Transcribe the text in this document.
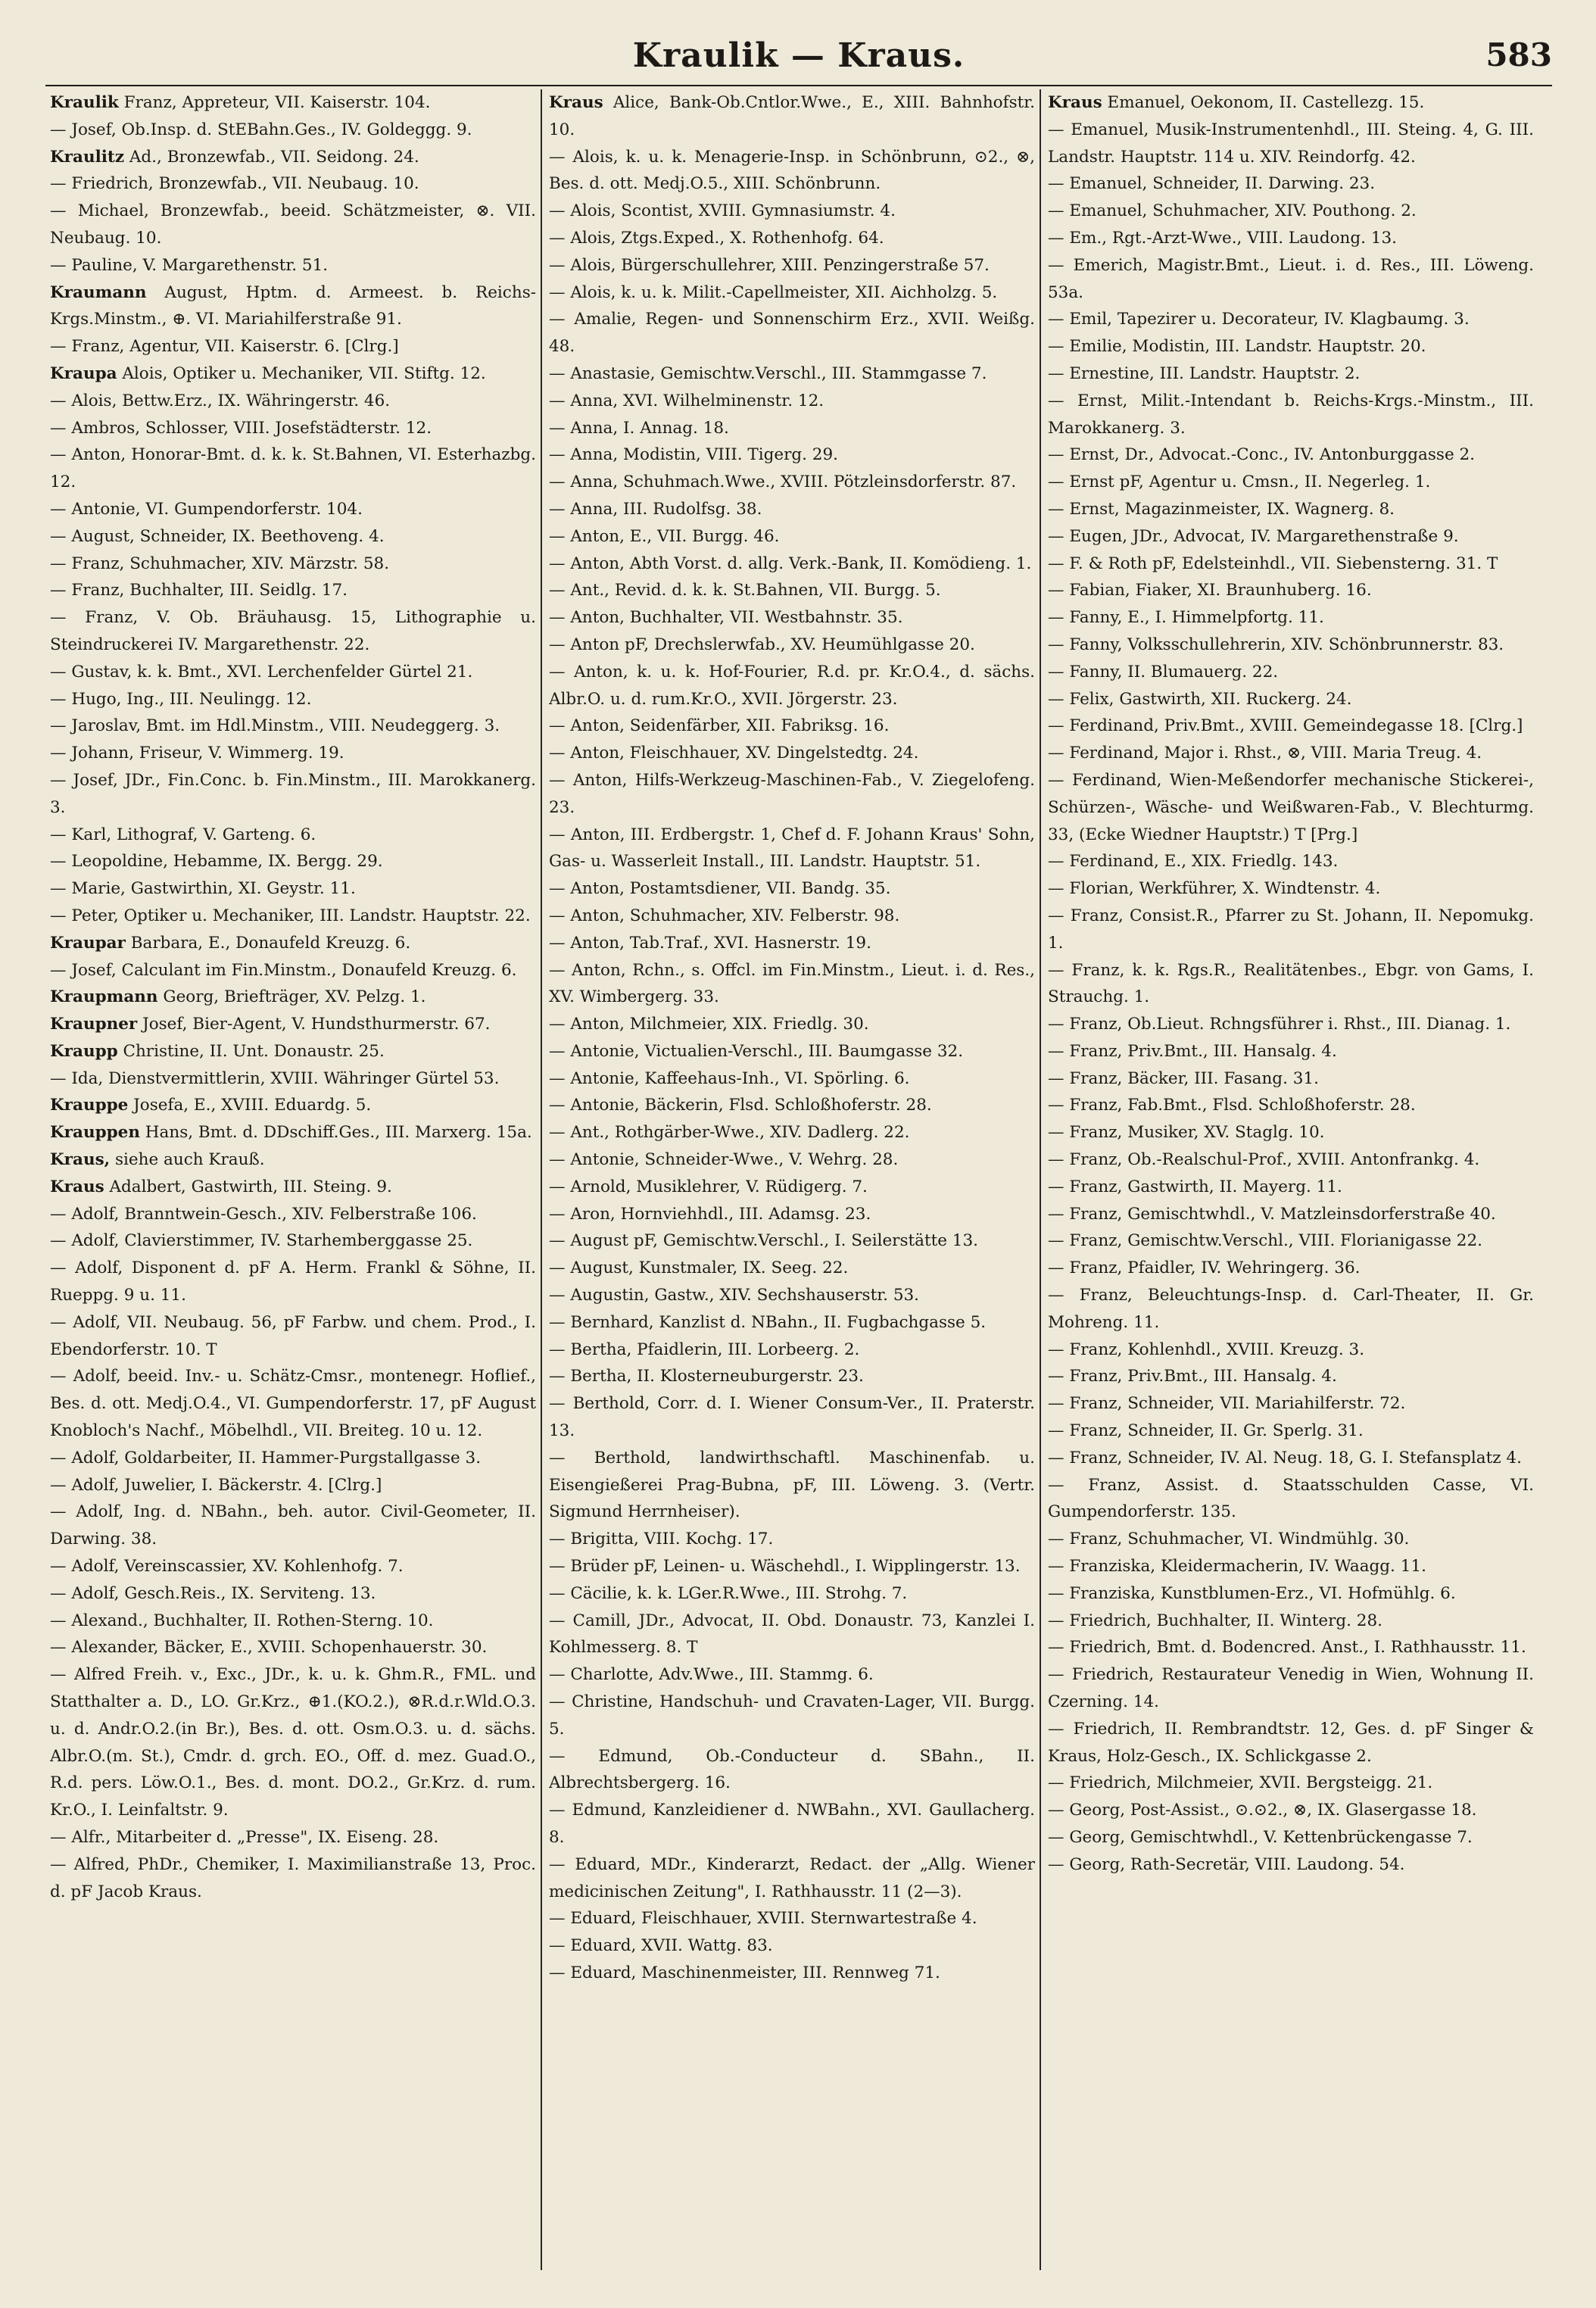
Kraulik — Kraus.	583

Kraulik Franz, Appreteur, VII. Kaiserstr. 104.

— Josef, Ob.Insp. d. StEBahn.Ges., IV. Goldeggg. 9.

Kraulitz Ad., Bronzewfab., VII. Seidong. 24.

— Friedrich, Bronzewfab., VII. Neubaug. 10.

— Michael, Bronzewfab., beeid. Schätzmeister, ⊗. VII. Neubaug. 10.

— Pauline, V. Margarethenstr. 51.

Kraumann August, Hptm. d. Armeest. b. Reichs-Krgs.Minstm., ⊕. VI. Mariahilferstraße 91.

— Franz, Agentur, VII. Kaiserstr. 6. [Clrg.]

Kraupa Alois, Optiker u. Mechaniker, VII. Stiftg. 12.

— Alois, Bettw.Erz., IX. Währingerstr. 46.

— Ambros, Schlosser, VIII. Josefstädterstr. 12.

— Anton, Honorar-Bmt. d. k. k. St.Bahnen, VI. Esterhazbg. 12.

— Antonie, VI. Gumpendorferstr. 104.

— August, Schneider, IX. Beethoveng. 4.

— Franz, Schuhmacher, XIV. Märzstr. 58.

— Franz, Buchhalter, III. Seidlg. 17.

— Franz, V. Ob. Bräuhausg. 15, Lithographie u. Steindruckerei IV. Margarethenstr. 22.

— Gustav, k. k. Bmt., XVI. Lerchenfelder Gürtel 21.

— Hugo, Ing., III. Neulingg. 12.

— Jaroslav, Bmt. im Hdl.Minstm., VIII. Neudeggerg. 3.

— Johann, Friseur, V. Wimmerg. 19.

— Josef, JDr., Fin.Conc. b. Fin.Minstm., III. Marokkanerg. 3.

— Karl, Lithograf, V. Garteng. 6.

— Leopoldine, Hebamme, IX. Bergg. 29.

— Marie, Gastwirthin, XI. Geystr. 11.

— Peter, Optiker u. Mechaniker, III. Landstr. Hauptstr. 22.

Kraupar Barbara, E., Donaufeld Kreuzg. 6.

— Josef, Calculant im Fin.Minstm., Donaufeld Kreuzg. 6.

Kraupmann Georg, Briefträger, XV. Pelzg. 1.

Kraupner Josef, Bier-Agent, V. Hundsthurmerstr. 67.

Kraupp Christine, II. Unt. Donaustr. 25.

— Ida, Dienstvermittlerin, XVIII. Währinger Gürtel 53.

Krauppe Josefa, E., XVIII. Eduardg. 5.

Krauppen Hans, Bmt. d. DDschiff.Ges., III. Marxerg. 15a.

Kraus, siehe auch Krauß.

Kraus Adalbert, Gastwirth, III. Steing. 9.

— Adolf, Branntwein-Gesch., XIV. Felberstraße 106.

— Adolf, Clavierstimmer, IV. Starhemberggasse 25.

— Adolf, Disponent d. pF A. Herm. Frankl & Söhne, II. Rueppg. 9 u. 11.

— Adolf, VII. Neubaug. 56, pF Farbw. und chem. Prod., I. Ebendorferstr. 10. T

— Adolf, beeid. Inv.- u. Schätz-Cmsr., montenegr. Hoflief., Bes. d. ott. Medj.O.4., VI. Gumpendorferstr. 17, pF August Knobloch's Nachf., Möbelhdl., VII. Breiteg. 10 u. 12.

— Adolf, Goldarbeiter, II. Hammer-Purgstallgasse 3.

— Adolf, Juwelier, I. Bäckerstr. 4. [Clrg.]

— Adolf, Ing. d. NBahn., beh. autor. Civil-Geometer, II. Darwing. 38.

— Adolf, Vereinscassier, XV. Kohlenhofg. 7.

— Adolf, Gesch.Reis., IX. Serviteng. 13.

— Alexand., Buchhalter, II. Rothen-Sterng. 10.

— Alexander, Bäcker, E., XVIII. Schopenhauerstr. 30.

— Alfred Freih. v., Exc., JDr., k. u. k. Ghm.R., FML. und Statthalter a. D., LO. Gr.Krz., ⊕1.(KO.2.), ⊗R.d.r.Wld.O.3. u. d. Andr.O.2.(in Br.), Bes. d. ott. Osm.O.3. u. d. sächs. Albr.O.(m. St.), Cmdr. d. grch. EO., Off. d. mez. Guad.O., R.d. pers. Löw.O.1., Bes. d. mont. DO.2., Gr.Krz. d. rum. Kr.O., I. Leinfaltstr. 9.

— Alfr., Mitarbeiter d. „Presse", IX. Eiseng. 28.

— Alfred, PhDr., Chemiker, I. Maximilianstraße 13, Proc. d. pF Jacob Kraus.

Kraus Alice, Bank-Ob.Cntlor.Wwe., E., XIII. Bahnhofstr. 10.

— Alois, k. u. k. Menagerie-Insp. in Schönbrunn, ⊙2., ⊗, Bes. d. ott. Medj.O.5., XIII. Schönbrunn.

— Alois, Scontist, XVIII. Gymnasiumstr. 4.

— Alois, Ztgs.Exped., X. Rothenhofg. 64.

— Alois, Bürgerschullehrer, XIII. Penzingerstraße 57.

— Alois, k. u. k. Milit.-Capellmeister, XII. Aichholzg. 5.

— Amalie, Regen- und Sonnenschirm Erz., XVII. Weißg. 48.

— Anastasie, Gemischtw.Verschl., III. Stammgasse 7.

— Anna, XVI. Wilhelminenstr. 12.

— Anna, I. Annag. 18.

— Anna, Modistin, VIII. Tigerg. 29.

— Anna, Schuhmach.Wwe., XVIII. Pötzleinsdorferstr. 87.

— Anna, III. Rudolfsg. 38.

— Anton, E., VII. Burgg. 46.

— Anton, Abth Vorst. d. allg. Verk.-Bank, II. Komödieng. 1.

— Ant., Revid. d. k. k. St.Bahnen, VII. Burgg. 5.

— Anton, Buchhalter, VII. Westbahnstr. 35.

— Anton pF, Drechslerwfab., XV. Heumühlgasse 20.

— Anton, k. u. k. Hof-Fourier, R.d. pr. Kr.O.4., d. sächs. Albr.O. u. d. rum.Kr.O., XVII. Jörgerstr. 23.

— Anton, Seidenfärber, XII. Fabriksg. 16.

— Anton, Fleischhauer, XV. Dingelstedtg. 24.

— Anton, Hilfs-Werkzeug-Maschinen-Fab., V. Ziegelofeng. 23.

— Anton, III. Erdbergstr. 1, Chef d. F. Johann Kraus' Sohn, Gas- u. Wasserleit Install., III. Landstr. Hauptstr. 51.

— Anton, Postamtsdiener, VII. Bandg. 35.

— Anton, Schuhmacher, XIV. Felberstr. 98.

— Anton, Tab.Traf., XVI. Hasnerstr. 19.

— Anton, Rchn., s. Offcl. im Fin.Minstm., Lieut. i. d. Res., XV. Wimbergerg. 33.

— Anton, Milchmeier, XIX. Friedlg. 30.

— Antonie, Victualien-Verschl., III. Baumgasse 32.

— Antonie, Kaffeehaus-Inh., VI. Spörling. 6.

— Antonie, Bäckerin, Flsd. Schloßhoferstr. 28.

— Ant., Rothgärber-Wwe., XIV. Dadlerg. 22.

— Antonie, Schneider-Wwe., V. Wehrg. 28.

— Arnold, Musiklehrer, V. Rüdigerg. 7.

— Aron, Hornviehhdl., III. Adamsg. 23.

— August pF, Gemischtw.Verschl., I. Seilerstätte 13.

— August, Kunstmaler, IX. Seeg. 22.

— Augustin, Gastw., XIV. Sechshauserstr. 53.

— Bernhard, Kanzlist d. NBahn., II. Fugbachgasse 5.

— Bertha, Pfaidlerin, III. Lorbeerg. 2.

— Bertha, II. Klosterneuburgerstr. 23.

— Berthold, Corr. d. I. Wiener Consum-Ver., II. Praterstr. 13.

— Berthold, landwirthschaftl. Maschinenfab. u. Eisengießerei Prag-Bubna, pF, III. Löweng. 3. (Vertr. Sigmund Herrnheiser).

— Brigitta, VIII. Kochg. 17.

— Brüder pF, Leinen- u. Wäschehdl., I. Wipplingerstr. 13.

— Cäcilie, k. k. LGer.R.Wwe., III. Strohg. 7.

— Camill, JDr., Advocat, II. Obd. Donaustr. 73, Kanzlei I. Kohlmesserg. 8. T

— Charlotte, Adv.Wwe., III. Stammg. 6.

— Christine, Handschuh- und Cravaten-Lager, VII. Burgg. 5.

— Edmund, Ob.-Conducteur d. SBahn., II. Albrechtsbergerg. 16.

— Edmund, Kanzleidiener d. NWBahn., XVI. Gaullacherg. 8.

— Eduard, MDr., Kinderarzt, Redact. der „Allg. Wiener medicinischen Zeitung", I. Rathhausstr. 11 (2—3).

— Eduard, Fleischhauer, XVIII. Sternwartestraße 4.

— Eduard, XVII. Wattg. 83.

— Eduard, Maschinenmeister, III. Rennweg 71.

Kraus Emanuel, Oekonom, II. Castellezg. 15.

— Emanuel, Musik-Instrumentenhdl., III. Steing. 4, G. III. Landstr. Hauptstr. 114 u. XIV. Reindorfg. 42.

— Emanuel, Schneider, II. Darwing. 23.

— Emanuel, Schuhmacher, XIV. Pouthong. 2.

— Em., Rgt.-Arzt-Wwe., VIII. Laudong. 13.

— Emerich, Magistr.Bmt., Lieut. i. d. Res., III. Löweng. 53a.

— Emil, Tapezirer u. Decorateur, IV. Klagbaumg. 3.

— Emilie, Modistin, III. Landstr. Hauptstr. 20.

— Ernestine, III. Landstr. Hauptstr. 2.

— Ernst, Milit.-Intendant b. Reichs-Krgs.-Minstm., III. Marokkanerg. 3.

— Ernst, Dr., Advocat.-Conc., IV. Antonburggasse 2.

— Ernst pF, Agentur u. Cmsn., II. Negerleg. 1.

— Ernst, Magazinmeister, IX. Wagnerg. 8.

— Eugen, JDr., Advocat, IV. Margarethenstraße 9.

— F. & Roth pF, Edelsteinhdl., VII. Siebensterng. 31. T

— Fabian, Fiaker, XI. Braunhuberg. 16.

— Fanny, E., I. Himmelpfortg. 11.

— Fanny, Volksschullehrerin, XIV. Schönbrunnerstr. 83.

— Fanny, II. Blumauerg. 22.

— Felix, Gastwirth, XII. Ruckerg. 24.

— Ferdinand, Priv.Bmt., XVIII. Gemeindegasse 18. [Clrg.]

— Ferdinand, Major i. Rhst., ⊗, VIII. Maria Treug. 4.

— Ferdinand, Wien-Meßendorfer mechanische Stickerei-, Schürzen-, Wäsche- und Weißwaren-Fab., V. Blechturmg. 33, (Ecke Wiedner Hauptstr.) T [Prg.]

— Ferdinand, E., XIX. Friedlg. 143.

— Florian, Werkführer, X. Windtenstr. 4.

— Franz, Consist.R., Pfarrer zu St. Johann, II. Nepomukg. 1.

— Franz, k. k. Rgs.R., Realitätenbes., Ebgr. von Gams, I. Strauchg. 1.

— Franz, Ob.Lieut. Rchngsführer i. Rhst., III. Dianag. 1.

— Franz, Priv.Bmt., III. Hansalg. 4.

— Franz, Bäcker, III. Fasang. 31.

— Franz, Fab.Bmt., Flsd. Schloßhoferstr. 28.

— Franz, Musiker, XV. Staglg. 10.

— Franz, Ob.-Realschul-Prof., XVIII. Antonfrankg. 4.

— Franz, Gastwirth, II. Mayerg. 11.

— Franz, Gemischtwhdl., V. Matzleinsdorferstraße 40.

— Franz, Gemischtw.Verschl., VIII. Florianigasse 22.

— Franz, Pfaidler, IV. Wehringerg. 36.

— Franz, Beleuchtungs-Insp. d. Carl-Theater, II. Gr. Mohreng. 11.

— Franz, Kohlenhdl., XVIII. Kreuzg. 3.

— Franz, Priv.Bmt., III. Hansalg. 4.

— Franz, Schneider, VII. Mariahilferstr. 72.

— Franz, Schneider, II. Gr. Sperlg. 31.

— Franz, Schneider, IV. Al. Neug. 18, G. I. Stefansplatz 4.

— Franz, Assist. d. Staatsschulden Casse, VI. Gumpendorferstr. 135.

— Franz, Schuhmacher, VI. Windmühlg. 30.

— Franziska, Kleidermacherin, IV. Waagg. 11.

— Franziska, Kunstblumen-Erz., VI. Hofmühlg. 6.

— Friedrich, Buchhalter, II. Winterg. 28.

— Friedrich, Bmt. d. Bodencred. Anst., I. Rathhausstr. 11.

— Friedrich, Restaurateur Venedig in Wien, Wohnung II. Czerning. 14.

— Friedrich, II. Rembrandtstr. 12, Ges. d. pF Singer & Kraus, Holz-Gesch., IX. Schlickgasse 2.

— Friedrich, Milchmeier, XVII. Bergsteigg. 21.

— Georg, Post-Assist., ⊙.⊙2., ⊗, IX. Glasergasse 18.

— Georg, Gemischtwhdl., V. Kettenbrückengasse 7.

— Georg, Rath-Secretär, VIII. Laudong. 54.
